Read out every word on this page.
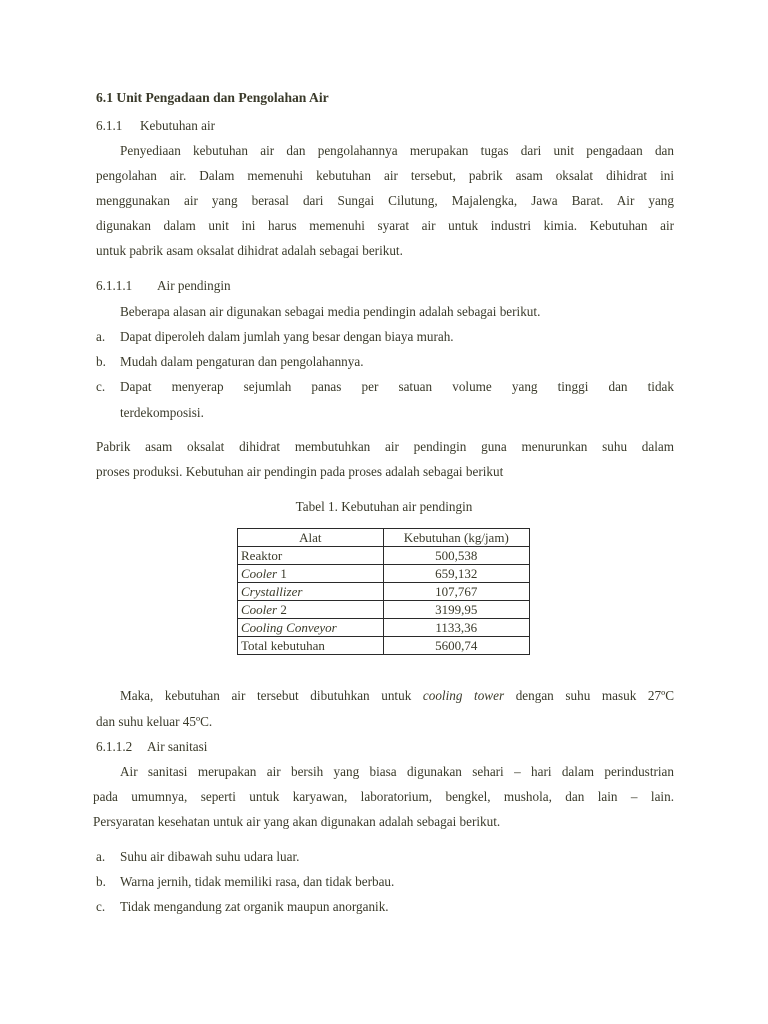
6.1 Unit Pengadaan dan Pengolahan Air
6.1.1 Kebutuhan air
Penyediaan kebutuhan air dan pengolahannya merupakan tugas dari unit pengadaan dan
pengolahan air. Dalam memenuhi kebutuhan air tersebut, pabrik asam oksalat dihidrat ini
menggunakan air yang berasal dari Sungai Cilutung, Majalengka, Jawa Barat. Air yang
digunakan dalam unit ini harus memenuhi syarat air untuk industri kimia. Kebutuhan air
untuk pabrik asam oksalat dihidrat adalah sebagai berikut.
6.1.1.1 Air pendingin
Beberapa alasan air digunakan sebagai media pendingin adalah sebagai berikut.
a. Dapat diperoleh dalam jumlah yang besar dengan biaya murah.
b. Mudah dalam pengaturan dan pengolahannya.
c. Dapat menyerap sejumlah panas per satuan volume yang tinggi dan tidak
terdekomposisi.
Pabrik asam oksalat dihidrat membutuhkan air pendingin guna menurunkan suhu dalam
proses produksi. Kebutuhan air pendingin pada proses adalah sebagai berikut
Tabel 1. Kebutuhan air pendingin
Alat	Kebutuhan (kg/jam)
Reaktor	500,538
Cooler 1	659,132
Crystallizer	107,767
Cooler 2	3199,95
Cooling Conveyor	1133,36
Total kebutuhan	5600,74
Maka, kebutuhan air tersebut dibutuhkan untuk cooling tower dengan suhu masuk 27ºC
dan suhu keluar 45ºC.
6.1.1.2 Air sanitasi
Air sanitasi merupakan air bersih yang biasa digunakan sehari – hari dalam perindustrian
pada umumnya, seperti untuk karyawan, laboratorium, bengkel, mushola, dan lain – lain.
Persyaratan kesehatan untuk air yang akan digunakan adalah sebagai berikut.
a. Suhu air dibawah suhu udara luar.
b. Warna jernih, tidak memiliki rasa, dan tidak berbau.
c. Tidak mengandung zat organik maupun anorganik.
